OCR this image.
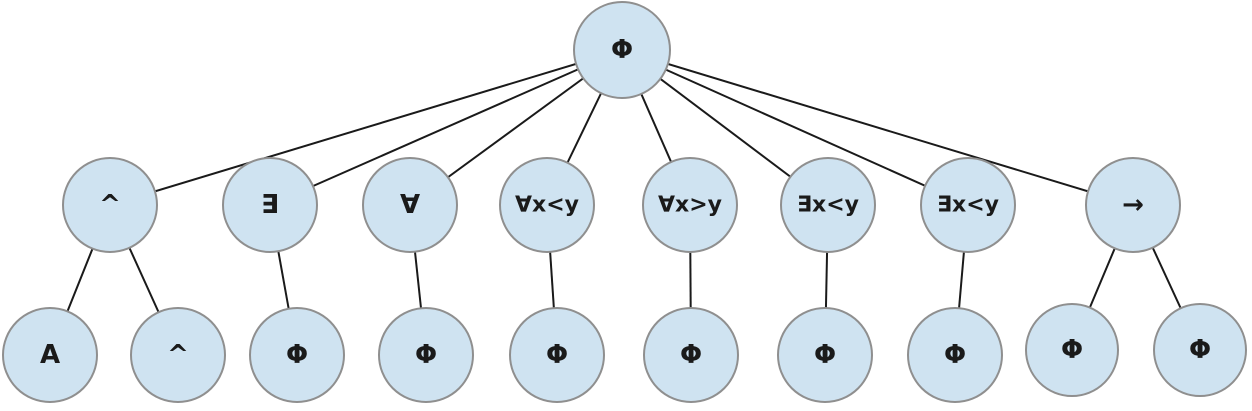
Φ
^	∃	∀	∀x<y	∀x>y	∃x<y	∃x<y	→
A	^	Φ	Φ	Φ	Φ	Φ	Φ	Φ	Φ
